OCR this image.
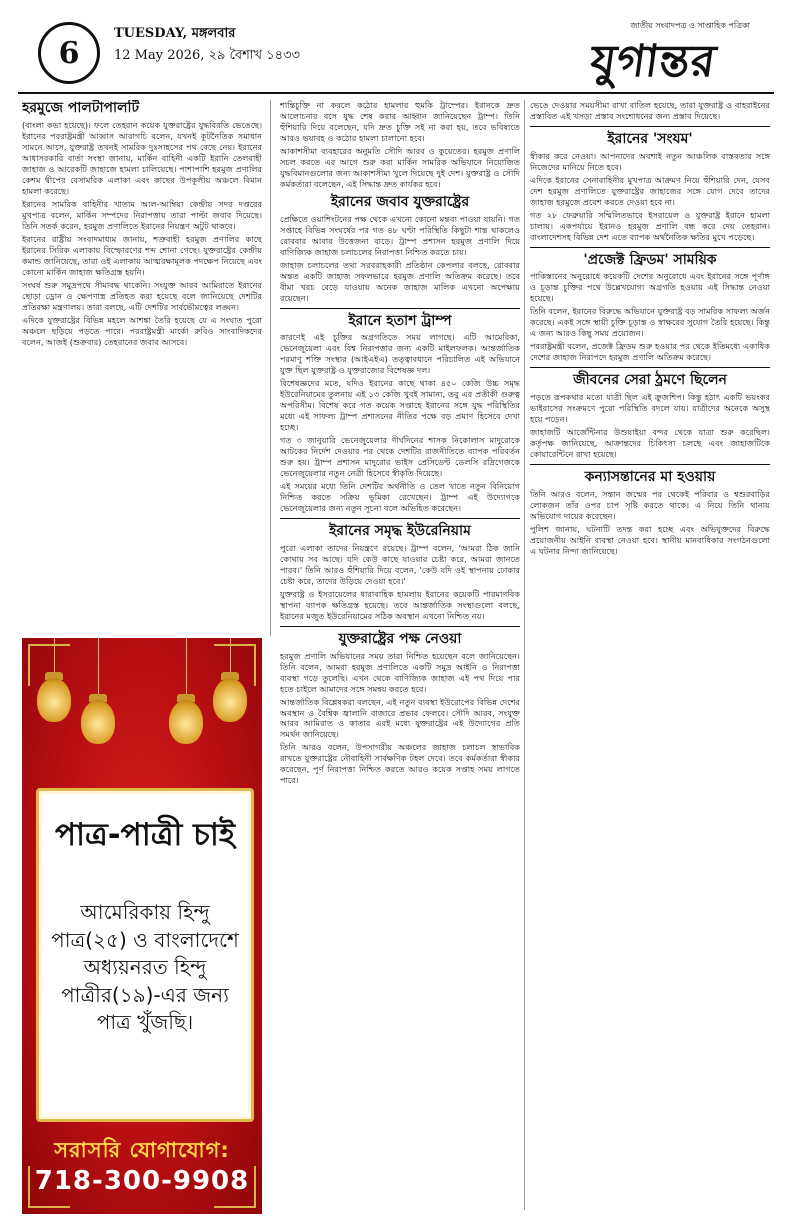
6
TUESDAY, মঙ্গলবার
12 May 2026, ২৯ বৈশাখ ১৪৩৩
জাতীয় সংবাদপত্র ও সাপ্তাহিক পত্রিকা
যুগান্তর
হরমুজে পালটাপালটি

(বাংলা কভা হয়েছে)। ফলে তেহরান কয়েক যুক্তরাষ্ট্রের যুদ্ধবিরতি ভেঙেছে। ইরানের পররাষ্ট্রমন্ত্রী আব্বাস আরাগচি বলেন, যখনই কূটনৈতিক সমাধান সামনে আসে, যুক্তরাষ্ট্র তখনই সামরিক দুঃসাহসের পথ বেছে নেয়। ইরানের আধাসরকারি বার্তা সংস্থা জানায়, মার্কিন বাহিনী একটি ইরানি তেলবাহী জাহাজ ও আরেকটি জাহাজে হামলা চালিয়েছে। পাশাপাশি হরমুজ প্রণালির কেশম দ্বীপের বেসামরিক এলাকা এবং কাছের উপকূলীয় অঞ্চলে বিমান হামলা করেছে।

ইরানের সামরিক বাহিনীর খাতাম আল-আম্বিয়া কেন্দ্রীয় সদর দপ্তরের মুখপাত্র বলেন, মার্কিন সম্পদের নিরাপত্তায় তারা পাল্টা জবাব দিয়েছে। তিনি সতর্ক করেন, হরমুজ প্রণালিতে ইরানের নিয়ন্ত্রণ অটুট থাকবে।

ইরানের রাষ্ট্রীয় সংবাদমাধ্যম জানায়, শত্রুবাহী হরমুজ প্রণালির কাছে ইরানের সিরিক এলাকায় বিস্ফোরণের শব্দ শোনা গেছে। যুক্তরাষ্ট্রের কেন্দ্রীয় কমান্ড জানিয়েছে, তারা ওই এলাকায় আত্মরক্ষামূলক পদক্ষেপ নিয়েছে এবং কোনো মার্কিন জাহাজ ক্ষতিগ্রস্ত হয়নি।

সংঘর্ষ শুরু সমুদ্রপথে সীমাবদ্ধ থাকেনি। সংযুক্ত আরব আমিরাতে ইরানের ছোড়া ড্রোন ও ক্ষেপণাস্ত্র প্রতিহত করা হয়েছে বলে জানিয়েছে দেশটির প্রতিরক্ষা মন্ত্রণালয়। তারা বলছে, এটি দেশটির সার্বভৌমত্বের লঙ্ঘন।

এদিকে যুক্তরাষ্ট্রের বিভিন্ন মহলে আশঙ্কা তৈরি হয়েছে যে এ সংঘাত পুরো অঞ্চলে ছড়িয়ে পড়তে পারে। পররাষ্ট্রমন্ত্রী মার্কো রুবিও সাংবাদিকদের বলেন, আজই (শুক্রবার) তেহরানের জবাব আসবে।

পাত্র-পাত্রী চাই
আমেরিকায় হিন্দু পাত্র(২৫) ও বাংলাদেশে অধ্যয়নরত হিন্দু পাত্রীর(১৯)-এর জন্য পাত্র খুঁজছি।
সরাসরি যোগাযোগ:
718-300-9908

শান্তিচুক্তি না করলে কঠোর হামলার হুমকি ট্রাম্পের। ইরানকে দ্রুত আলোচনার বসে যুদ্ধ শেষ করার আহ্বান জানিয়েছেন ট্রাম্প। তিনি হুঁশিয়ারি দিয়ে বলেছেন, যদি দ্রুত চুক্তি সই না করা হয়, তবে ভবিষ্যতে আরও ভয়াবহ ও কঠোর হামলা চালানো হবে।

আকাশসীমা ব্যবহারের অনুমতি সৌদি আরব ও কুয়েতের। হরমুজ প্রণালি সচল করতে এর আগে শুরু করা মার্কিন সামরিক অভিযানে নিয়োজিত যুদ্ধবিমানগুলোর জন্য আকাশসীমা খুলে দিয়েছে দুই দেশ। যুক্তরাষ্ট্র ও সৌদি কর্মকর্তারা বলেছেন, এই সিদ্ধান্ত দ্রুত কার্যকর হবে।

ইরানের জবাব যুক্তরাষ্ট্রের

প্রেক্ষিতে ওয়াশিংটনের পক্ষ থেকে এখনো কোনো মন্তব্য পাওয়া যায়নি। গত সপ্তাহে বিভিন্ন সংঘর্ষের পর গত ৪৮ ঘণ্টা পরিস্থিতি কিছুটা শান্ত থাকলেও রোববার আবার উত্তেজনা বাড়ে। ট্রাম্প প্রশাসন হরমুজ প্রণালি দিয়ে বাণিজ্যিক জাহাজ চলাচলের নিরাপত্তা নিশ্চিত করতে চায়।

জাহাজ চলাচলের তথ্য সরবরাহকারী প্রতিষ্ঠান কেপলার বলছে, রোববার অন্তত একটি জাহাজ সফলভাবে হরমুজ প্রণালি অতিক্রম করেছে। তবে বীমা খরচ বেড়ে যাওয়ায় অনেক জাহাজ মালিক এখনো অপেক্ষায় রয়েছেন।

ইরানে হতাশ ট্রাম্প

কারণেই এই চুক্তির অগ্রগতিতে সময় লাগছে। এটি আমেরিকা, ভেনেজুয়েলা এবং বিশ্ব নিরাপত্তার জন্য একটি মাইলফলক। আন্তর্জাতিক পরমাণু শক্তি সংস্থার (আইএইএ) তত্ত্বাবধানে পরিচালিত এই অভিযানে যুক্ত ছিল যুক্তরাষ্ট্র ও যুক্তরাজ্যের বিশেষজ্ঞ দল।

বিশেষজ্ঞদের মতে, যদিও ইরানের কাছে থাকা ৪৫০ কেজি উচ্চ সমৃদ্ধ ইউরেনিয়ামের তুলনায় এই ১৩ কেজি খুবই সামান্য, তবু এর প্রতীকী গুরুত্ব অপরিসীম। বিশেষ করে গত কয়েক সপ্তাহে ইরানের সঙ্গে যুদ্ধ পরিস্থিতির মধ্যে এই সাফল্য ট্রাম্প প্রশাসনের নীতির পক্ষে বড় প্রমাণ হিসেবে দেখা হচ্ছে।

গত ৩ জানুয়ারি ভেনেজুয়েলার দীর্ঘদিনের শাসক নিকোলাস মাদুরোকে আটকের নির্দেশ দেওয়ার পর থেকে দেশটির রাজনীতিতে ব্যাপক পরিবর্তন শুরু হয়। ট্রাম্প প্রশাসন মাদুরোর ভাইস প্রেসিডেন্ট ডেলসি রদ্রিগেজকে ভেনেজুয়েলার নতুন নেত্রী হিসেবে স্বীকৃতি দিয়েছে।

এই সময়ের মধ্যে তিনি দেশটির অর্থনীতি ও তেল খাতে নতুন বিনিয়োগ নিশ্চিত করতে সক্রিয় ভূমিকা রেখেছেন। ট্রাম্প এই উদ্যোগকে ভেনেজুয়েলার জন্য নতুন সূচনা বলে অভিহিত করেছেন।

ইরানের সমৃদ্ধ ইউরেনিয়াম

পুরো এলাকা তাদের নিয়ন্ত্রণে রয়েছে। ট্রাম্প বলেন, 'আমরা ঠিক জানি কোথায় সব আছে। যদি কেউ কাছে যাওয়ার চেষ্টা করে, আমরা জানতে পারব।' তিনি আরও হুঁশিয়ারি দিয়ে বলেন, 'কেউ যদি ওই স্থাপনায় ঢোকার চেষ্টা করে, তাদের উড়িয়ে দেওয়া হবে।'

যুক্তরাষ্ট্র ও ইসরায়েলের ধারাবাহিক হামলায় ইরানের কয়েকটি পারমাণবিক স্থাপনা ব্যাপক ক্ষতিগ্রস্ত হয়েছে। তবে আন্তর্জাতিক সংস্থাগুলো বলছে, ইরানের মজুত ইউরেনিয়ামের সঠিক অবস্থান এখনো নিশ্চিত নয়।

যুক্তরাষ্ট্রের পক্ষ নেওয়া

হরমুজ প্রণালি অভিযানের সময় তারা নিশ্চিত হয়েছেন বলে জানিয়েছেন। তিনি বলেন, আমরা হরমুজ প্রণালিতে একটি সমুদ্র আইনি ও নিরাপত্তা ব্যবস্থা গড়ে তুলেছি। এখন থেকে বাণিজ্যিক জাহাজ এই পথ দিয়ে পার হতে চাইলে আমাদের সঙ্গে সমন্বয় করতে হবে।

আন্তর্জাতিক বিশ্লেষকরা বলছেন, এই নতুন ব্যবস্থা ইউরোপের বিভিন্ন দেশের অবস্থান ও বৈশ্বিক জ্বালানি বাজারে প্রভাব ফেলবে। সৌদি আরব, সংযুক্ত আরব আমিরাত ও কাতার এরই মধ্যে যুক্তরাষ্ট্রের এই উদ্যোগের প্রতি সমর্থন জানিয়েছে।

তিনি আরও বলেন, উপসাগরীয় অঞ্চলের জাহাজ চলাচল স্বাভাবিক রাখতে যুক্তরাষ্ট্রের নৌবাহিনী সার্বক্ষণিক টহল দেবে। তবে কর্মকর্তারা স্বীকার করেছেন, পূর্ণ নিরাপত্তা নিশ্চিত করতে আরও কয়েক সপ্তাহ সময় লাগতে পারে।

ভেঙে দেওয়ার সময়সীমা রাখা বাতিল হয়েছে, তারা যুক্তরাষ্ট্র ও বাহরাইনের প্রস্তাবিত এই খসড়া প্রস্তাব সংশোধনের জন্য প্রস্তাব দিয়েছে।

ইরানের 'সংযম'

স্বীকার করে নেওয়া। আপনাদের অবশ্যই নতুন আঞ্চলিক বাস্তবতার সঙ্গে নিজেদের মানিয়ে নিতে হবে।

এদিকে ইরানের সেনাবাহিনীর মুখপাত্র আক্রমণ নিয়ে হুঁশিয়ারি দেন, যেসব দেশ হরমুজ প্রণালিতে যুক্তরাষ্ট্রের জাহাজের সঙ্গে যোগ দেবে তাদের জাহাজ হরমুজে প্রবেশ করতে দেওয়া হবে না।

গত ২৮ ফেব্রুয়ারি সম্মিলিতভাবে ইসরায়েল ও যুক্তরাষ্ট্র ইরানে হামলা চালায়। একপর্যায়ে ইরানও হরমুজ প্রণালি বন্ধ করে দেয় তেহরান। বাংলাদেশসহ বিভিন্ন দেশ এতে ব্যাপক অর্থনৈতিক ক্ষতির মুখে পড়েছে।

'প্রজেক্ট ফ্রিডম' সাময়িক

পাকিস্তানের অনুরোধে কয়েকটি দেশের অনুরোধে এবং ইরানের সঙ্গে পূর্ণাঙ্গ ও চূড়ান্ত চুক্তির পথে উল্লেখযোগ্য অগ্রগতি হওয়ায় এই সিদ্ধান্ত নেওয়া হয়েছে।

তিনি বলেন, ইরানের বিরুদ্ধে অভিযানে যুক্তরাষ্ট্র বড় সামরিক সাফল্য অর্জন করেছে। একই সঙ্গে স্থায়ী চুক্তি চূড়ান্ত ও স্বাক্ষরের সুযোগ তৈরি হয়েছে। কিন্তু এ জন্য আরও কিছু সময় প্রয়োজন।

পররাষ্ট্রমন্ত্রী বলেন, প্রজেক্ট ফ্রিডম শুরু হওয়ার পর থেকে ইতিমধ্যে একাধিক দেশের জাহাজ নিরাপদে হরমুজ প্রণালি অতিক্রম করেছে।

জীবনের সেরা ঠ্রমণে ছিলেন

পড়তে রূপকথার মতো যাত্রী ছিল এই ক্রুজশিপ। কিন্তু হঠাৎ একটি ভয়ংকর ভাইরাসের সংক্রমণে পুরো পরিস্থিতি বদলে যায়। যাত্রীদের অনেকে অসুস্থ হয়ে পড়েন।

জাহাজটি আর্জেন্টিনার উশুয়াইয়া বন্দর থেকে যাত্রা শুরু করেছিল। কর্তৃপক্ষ জানিয়েছে, আক্রান্তদের চিকিৎসা চলছে এবং জাহাজটিকে কোয়ারেন্টিনে রাখা হয়েছে।

কন্যাসন্তানের মা হওয়ায়

তিনি আরও বলেন, সন্তান জন্মের পর থেকেই পরিবার ও শ্বশুরবাড়ির লোকজন তাঁর ওপর চাপ সৃষ্টি করতে থাকে। এ নিয়ে তিনি থানায় অভিযোগ দায়ের করেছেন।

পুলিশ জানায়, ঘটনাটি তদন্ত করা হচ্ছে এবং অভিযুক্তদের বিরুদ্ধে প্রয়োজনীয় আইনি ব্যবস্থা নেওয়া হবে। স্থানীয় মানবাধিকার সংগঠনগুলো এ ঘটনার নিন্দা জানিয়েছে।
